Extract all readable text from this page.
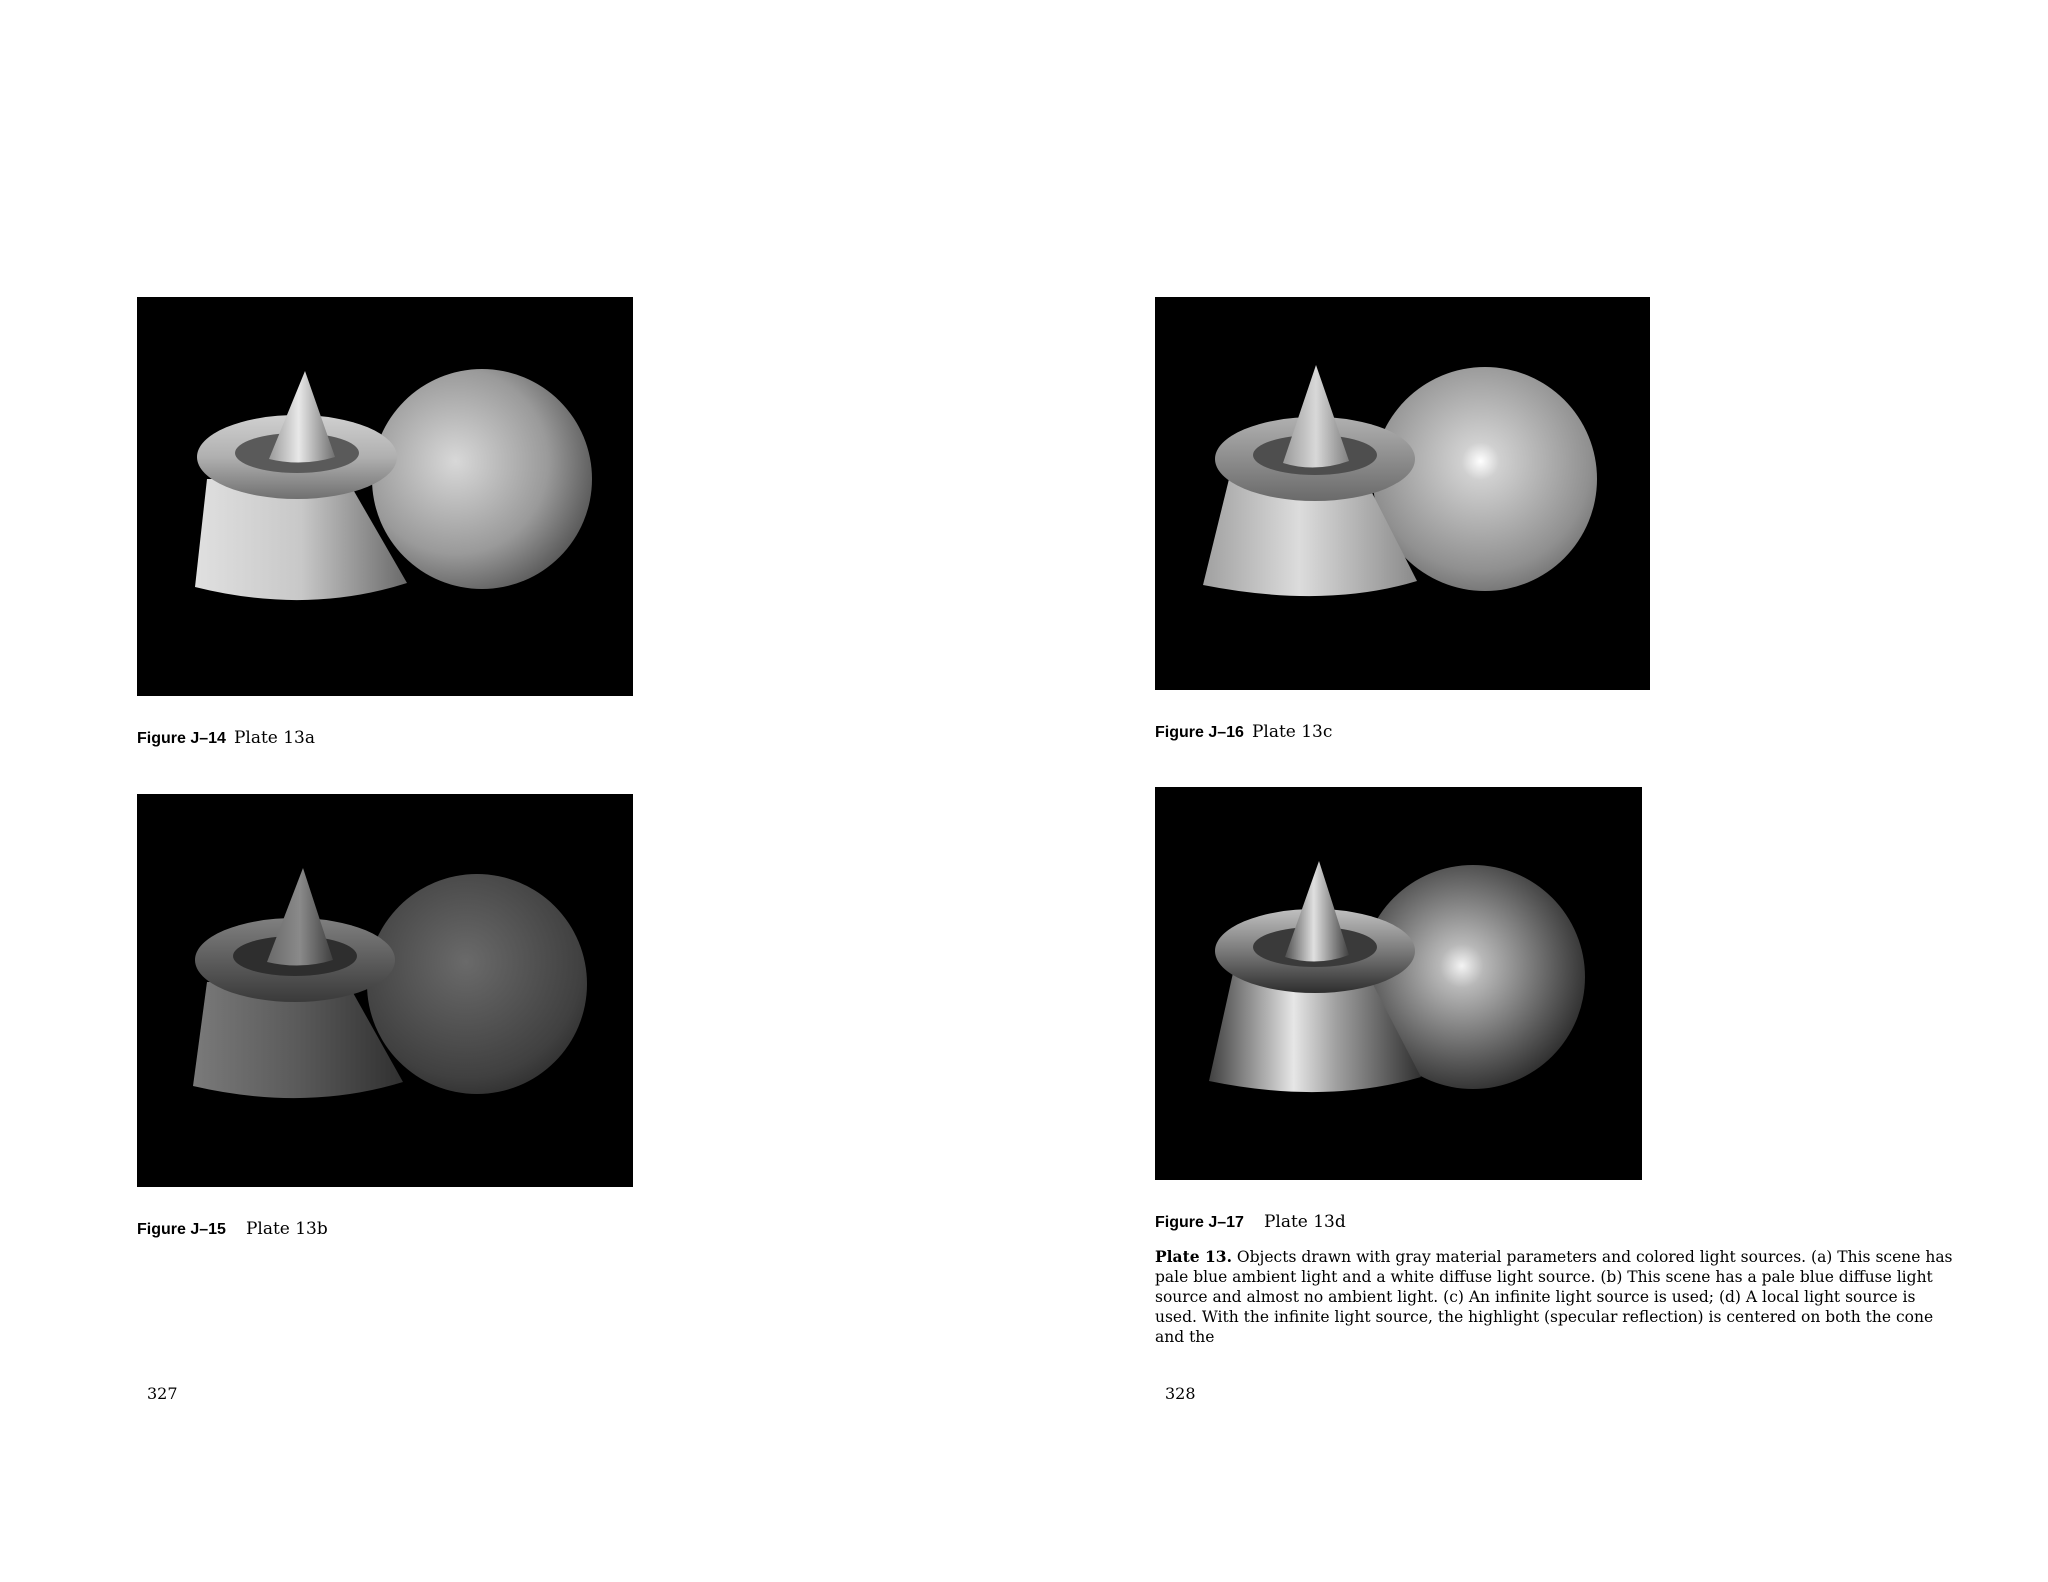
Figure J–14 Plate 13a
Figure J–15 Plate 13b
327
Figure J–16 Plate 13c
Figure J–17 Plate 13d
Plate 13. Objects drawn with gray material parameters and colored light sources. (a) This scene has pale blue ambient light and a white diffuse light source. (b) This scene has a pale blue diffuse light source and almost no ambient light. (c) An infinite light source is used; (d) A local light source is used. With the infinite light source, the highlight (specular reflection) is centered on both the cone and the
328
